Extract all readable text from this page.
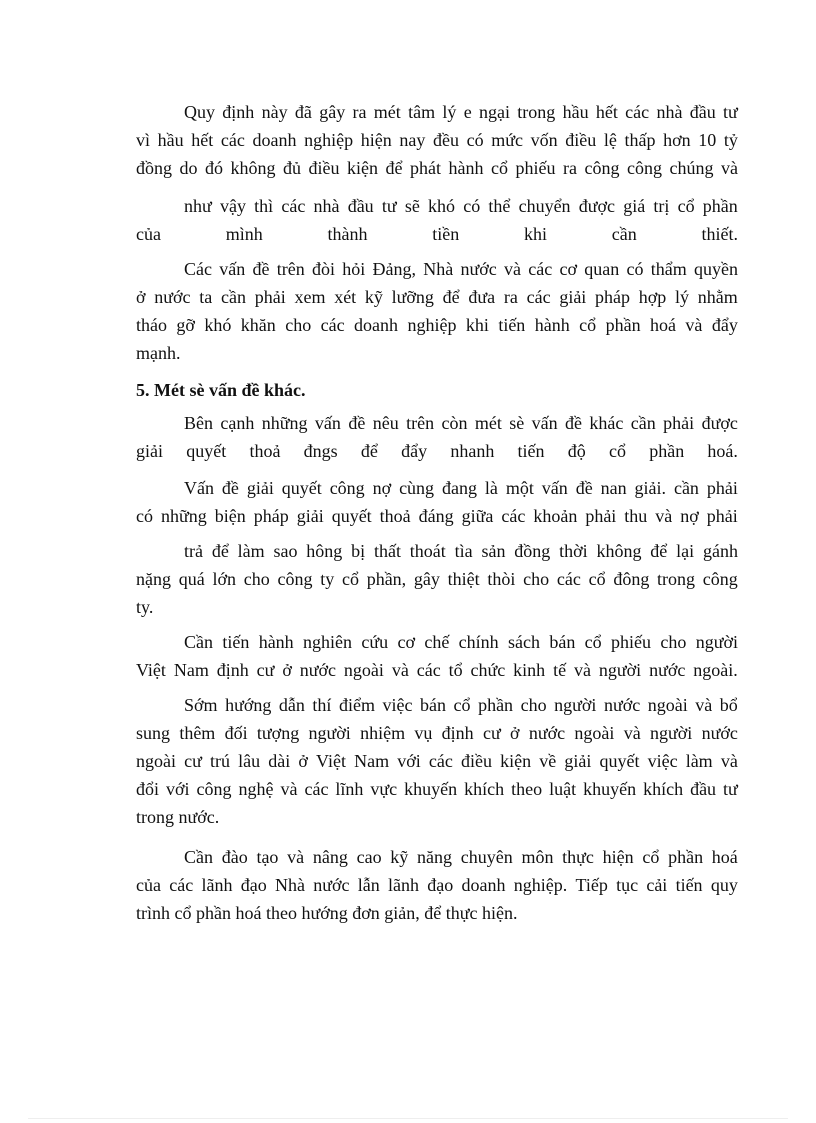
Quy định này đã gây ra mét tâm lý e ngại trong hầu hết các nhà đầu tư
vì hầu hết các doanh nghiệp hiện nay đều có mức vốn điều lệ thấp hơn 10 tỷ
đồng do đó không đủ điều kiện để phát hành cổ phiếu ra công công chúng và
như vậy thì các nhà đầu tư sẽ khó có thể chuyển được giá trị cổ phần
của	mình	thành	tiền	khi	cần	thiết.
Các vấn đề trên đòi hỏi Đảng, Nhà nước và các cơ quan có thẩm quyền
ở nước ta cần phải xem xét kỹ lưỡng để đưa ra các giải pháp hợp lý nhằm
tháo gỡ khó khăn cho các doanh nghiệp khi tiến hành cổ phần hoá và đẩy
mạnh.
5. Mét sè vấn đề khác.
Bên cạnh những vấn đề nêu trên còn mét sè vấn đề khác cần phải được
giải quyết thoả đngs để đẩy nhanh tiến độ cổ phần hoá.
Vấn đề giải quyết công nợ cùng đang là một vấn đề nan giải. cần phải
có những biện pháp giải quyết thoả đáng giữa các khoản phải thu và nợ phải
trả để làm sao hông bị thất thoát tìa sản đồng thời không để lại gánh
nặng quá lớn cho công ty cổ phần, gây thiệt thòi cho các cổ đông trong công
ty.
Cần tiến hành nghiên cứu cơ chế chính sách bán cổ phiếu cho người
Việt Nam định cư ở nước ngoài và các tổ chức kinh tế và người nước ngoài.
Sớm hướng dẫn thí điểm việc bán cổ phần cho người nước ngoài và bổ
sung thêm đối tượng người nhiệm vụ định cư ở nước ngoài và người nước
ngoài cư trú lâu dài ở Việt Nam với các điều kiện về giải quyết việc làm và
đổi với công nghệ và các lĩnh vực khuyến khích theo luật khuyến khích đầu tư
trong nước.
Cần đào tạo và nâng cao kỹ năng chuyên môn thực hiện cổ phần hoá
của các lãnh đạo Nhà nước lẫn lãnh đạo doanh nghiệp. Tiếp tục cải tiến quy
trình cổ phần hoá theo hướng đơn giản, để thực hiện.
